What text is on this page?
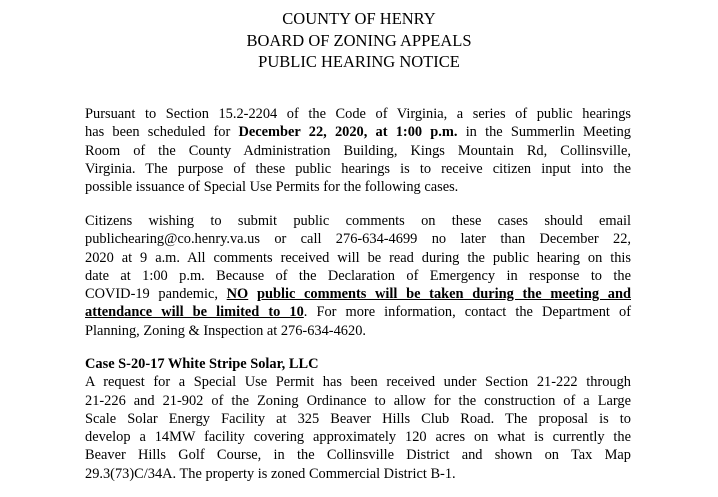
COUNTY OF HENRY
BOARD OF ZONING APPEALS
PUBLIC HEARING NOTICE
Pursuant to Section 15.2-2204 of the Code of Virginia, a series of public hearings
has been scheduled for December 22, 2020, at 1:00 p.m. in the Summerlin Meeting
Room of the County Administration Building, Kings Mountain Rd, Collinsville,
Virginia. The purpose of these public hearings is to receive citizen input into the
possible issuance of Special Use Permits for the following cases.
Citizens wishing to submit public comments on these cases should email
publichearing@co.henry.va.us or call 276-634-4699 no later than December 22,
2020 at 9 a.m. All comments received will be read during the public hearing on this
date at 1:00 p.m. Because of the Declaration of Emergency in response to the
COVID-19 pandemic, NO public comments will be taken during the meeting and
attendance will be limited to 10. For more information, contact the Department of
Planning, Zoning & Inspection at 276-634-4620.
Case S-20-17 White Stripe Solar, LLC
A request for a Special Use Permit has been received under Section 21-222 through
21-226 and 21-902 of the Zoning Ordinance to allow for the construction of a Large
Scale Solar Energy Facility at 325 Beaver Hills Club Road. The proposal is to
develop a 14MW facility covering approximately 120 acres on what is currently the
Beaver Hills Golf Course, in the Collinsville District and shown on Tax Map
29.3(73)C/34A. The property is zoned Commercial District B-1.
